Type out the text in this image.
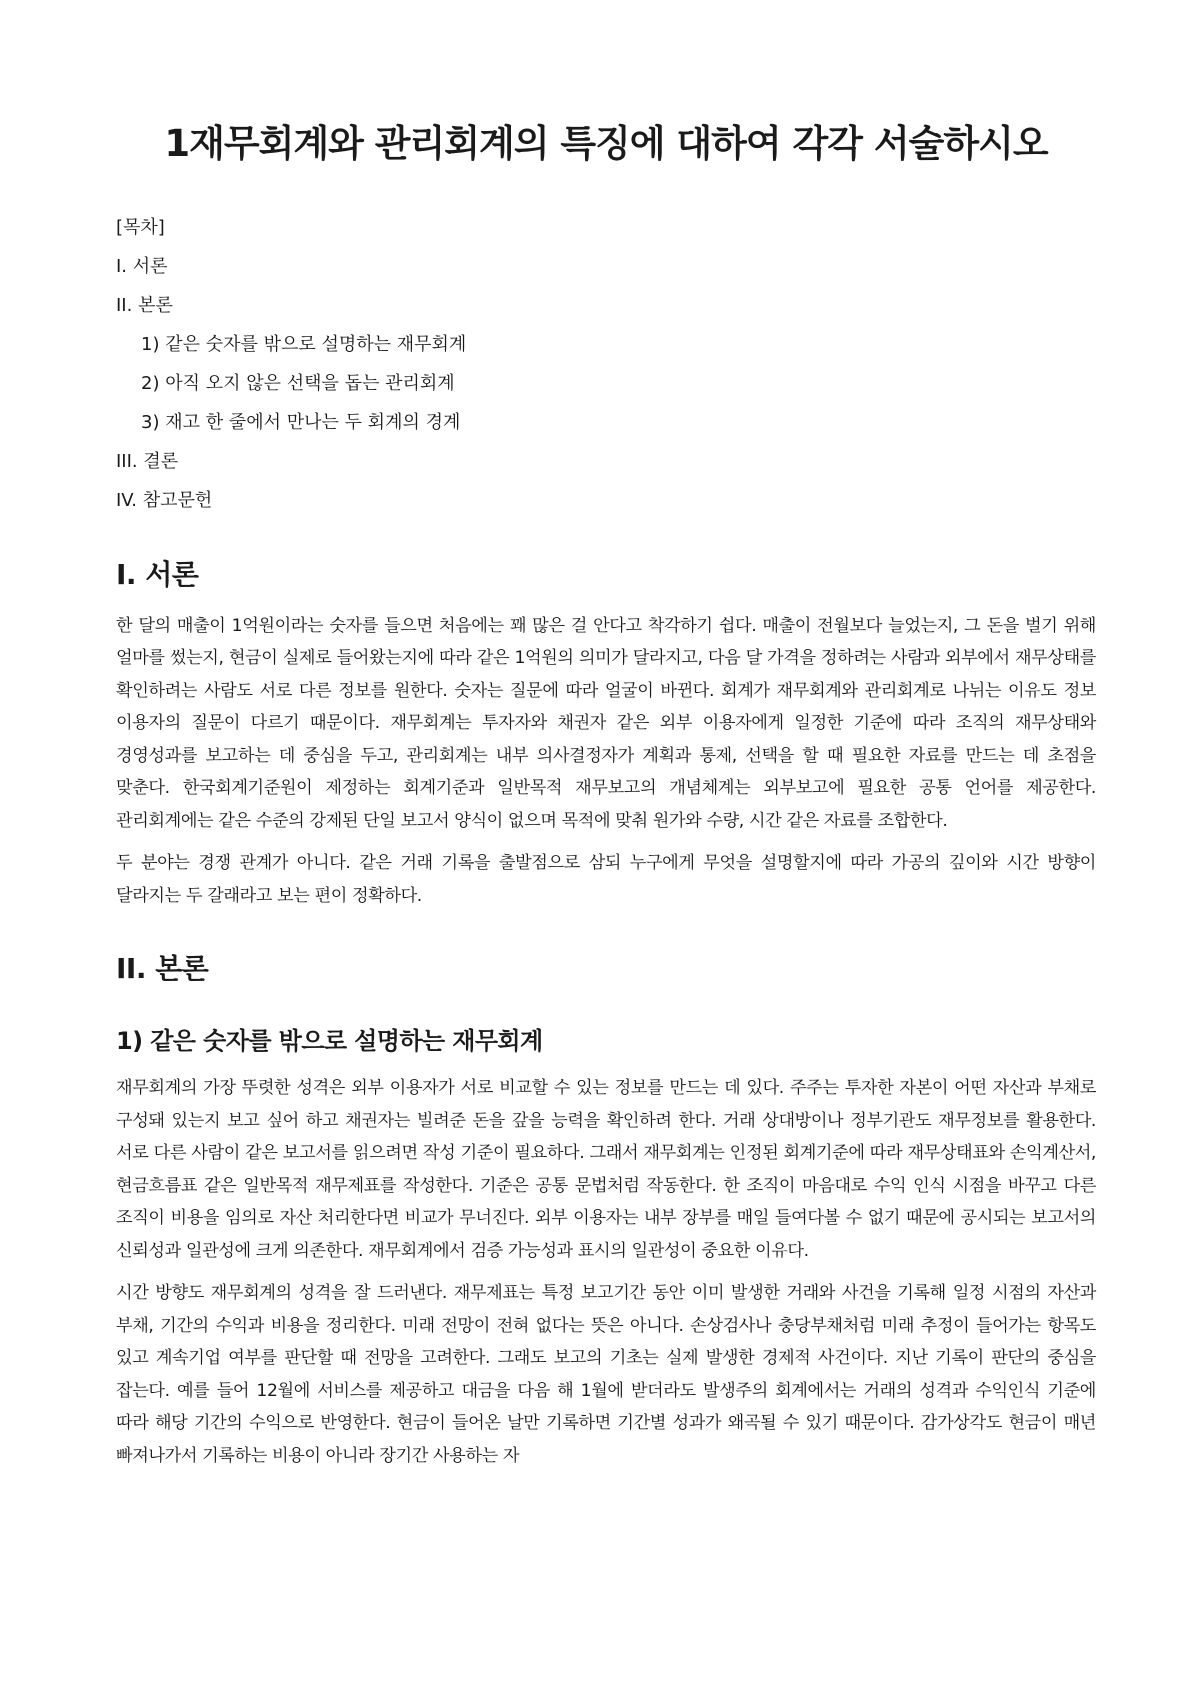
1재무회계와 관리회계의 특징에 대하여 각각 서술하시오
[목차]
I. 서론
II. 본론
1) 같은 숫자를 밖으로 설명하는 재무회계
2) 아직 오지 않은 선택을 돕는 관리회계
3) 재고 한 줄에서 만나는 두 회계의 경계
III. 결론
IV. 참고문헌
I. 서론

한 달의 매출이 1억원이라는 숫자를 들으면 처음에는 꽤 많은 걸 안다고 착각하기 쉽다. 매출이 전월보다 늘었는지, 그 돈을 벌기 위해 얼마를 썼는지, 현금이 실제로 들어왔는지에 따라 같은 1억원의 의미가 달라지고, 다음 달 가격을 정하려는 사람과 외부에서 재무상태를 확인하려는 사람도 서로 다른 정보를 원한다. 숫자는 질문에 따라 얼굴이 바뀐다. 회계가 재무회계와 관리회계로 나뉘는 이유도 정보 이용자의 질문이 다르기 때문이다. 재무회계는 투자자와 채권자 같은 외부 이용자에게 일정한 기준에 따라 조직의 재무상태와 경영성과를 보고하는 데 중심을 두고, 관리회계는 내부 의사결정자가 계획과 통제, 선택을 할 때 필요한 자료를 만드는 데 초점을 맞춘다. 한국회계기준원이 제정하는 회계기준과 일반목적 재무보고의 개념체계는 외부보고에 필요한 공통 언어를 제공한다. 관리회계에는 같은 수준의 강제된 단일 보고서 양식이 없으며 목적에 맞춰 원가와 수량, 시간 같은 자료를 조합한다.

두 분야는 경쟁 관계가 아니다. 같은 거래 기록을 출발점으로 삼되 누구에게 무엇을 설명할지에 따라 가공의 깊이와 시간 방향이 달라지는 두 갈래라고 보는 편이 정확하다.

II. 본론
1) 같은 숫자를 밖으로 설명하는 재무회계

재무회계의 가장 뚜렷한 성격은 외부 이용자가 서로 비교할 수 있는 정보를 만드는 데 있다. 주주는 투자한 자본이 어떤 자산과 부채로 구성돼 있는지 보고 싶어 하고 채권자는 빌려준 돈을 갚을 능력을 확인하려 한다. 거래 상대방이나 정부기관도 재무정보를 활용한다. 서로 다른 사람이 같은 보고서를 읽으려면 작성 기준이 필요하다. 그래서 재무회계는 인정된 회계기준에 따라 재무상태표와 손익계산서, 현금흐름표 같은 일반목적 재무제표를 작성한다. 기준은 공통 문법처럼 작동한다. 한 조직이 마음대로 수익 인식 시점을 바꾸고 다른 조직이 비용을 임의로 자산 처리한다면 비교가 무너진다. 외부 이용자는 내부 장부를 매일 들여다볼 수 없기 때문에 공시되는 보고서의 신뢰성과 일관성에 크게 의존한다. 재무회계에서 검증 가능성과 표시의 일관성이 중요한 이유다.

시간 방향도 재무회계의 성격을 잘 드러낸다. 재무제표는 특정 보고기간 동안 이미 발생한 거래와 사건을 기록해 일정 시점의 자산과 부채, 기간의 수익과 비용을 정리한다. 미래 전망이 전혀 없다는 뜻은 아니다. 손상검사나 충당부채처럼 미래 추정이 들어가는 항목도 있고 계속기업 여부를 판단할 때 전망을 고려한다. 그래도 보고의 기초는 실제 발생한 경제적 사건이다. 지난 기록이 판단의 중심을 잡는다. 예를 들어 12월에 서비스를 제공하고 대금을 다음 해 1월에 받더라도 발생주의 회계에서는 거래의 성격과 수익인식 기준에 따라 해당 기간의 수익으로 반영한다. 현금이 들어온 날만 기록하면 기간별 성과가 왜곡될 수 있기 때문이다. 감가상각도 현금이 매년 빠져나가서 기록하는 비용이 아니라 장기간 사용하는 자
